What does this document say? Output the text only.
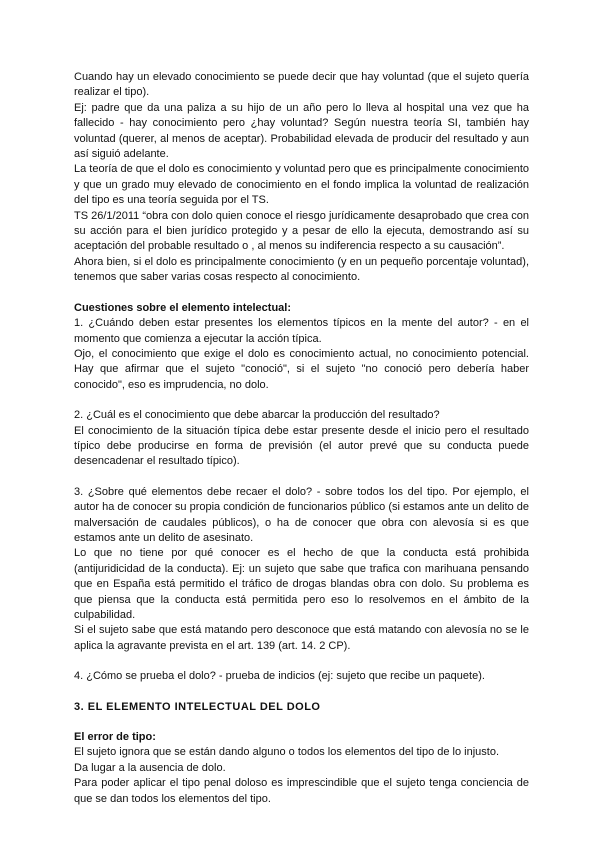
Cuando hay un elevado conocimiento se puede decir que hay voluntad (que el sujeto quería realizar el tipo).

Ej: padre que da una paliza a su hijo de un año pero lo lleva al hospital una vez que ha fallecido - hay conocimiento pero ¿hay voluntad? Según nuestra teoría SI, también hay voluntad (querer, al menos de aceptar). Probabilidad elevada de producir del resultado y aun así siguió adelante.

La teoría de que el dolo es conocimiento y voluntad pero que es principalmente conocimiento y que un grado muy elevado de conocimiento en el fondo implica la voluntad de realización del tipo es una teoría seguida por el TS.

TS 26/1/2011 “obra con dolo quien conoce el riesgo jurídicamente desaprobado que crea con su acción para el bien jurídico protegido y a pesar de ello la ejecuta, demostrando así su aceptación del probable resultado o , al menos su indiferencia respecto a su causación”.

Ahora bien, si el dolo es principalmente conocimiento (y en un pequeño porcentaje voluntad), tenemos que saber varias cosas respecto al conocimiento.

Cuestiones sobre el elemento intelectual:

1. ¿Cuándo deben estar presentes los elementos típicos en la mente del autor? - en el momento que comienza a ejecutar la acción típica.

Ojo, el conocimiento que exige el dolo es conocimiento actual, no conocimiento potencial. Hay que afirmar que el sujeto "conoció", si el sujeto "no conoció pero debería haber conocido", eso es imprudencia, no dolo.

2. ¿Cuál es el conocimiento que debe abarcar la producción del resultado?

El conocimiento de la situación típica debe estar presente desde el inicio pero el resultado típico debe producirse en forma de previsión (el autor prevé que su conducta puede desencadenar el resultado típico).

3. ¿Sobre qué elementos debe recaer el dolo? - sobre todos los del tipo. Por ejemplo, el autor ha de conocer su propia condición de funcionarios público (si estamos ante un delito de malversación de caudales públicos), o ha de conocer que obra con alevosía si es que estamos ante un delito de asesinato.

Lo que no tiene por qué conocer es el hecho de que la conducta está prohibida (antijuridicidad de la conducta). Ej: un sujeto que sabe que trafica con marihuana pensando que en España está permitido el tráfico de drogas blandas obra con dolo. Su problema es que piensa que la conducta está permitida pero eso lo resolvemos en el ámbito de la culpabilidad.

Si el sujeto sabe que está matando pero desconoce que está matando con alevosía no se le aplica la agravante prevista en el art. 139 (art. 14. 2 CP).

4. ¿Cómo se prueba el dolo? - prueba de indicios (ej: sujeto que recibe un paquete).

3. EL ELEMENTO INTELECTUAL DEL DOLO

El error de tipo:

El sujeto ignora que se están dando alguno o todos los elementos del tipo de lo injusto.

Da lugar a la ausencia de dolo.

Para poder aplicar el tipo penal doloso es imprescindible que el sujeto tenga conciencia de que se dan todos los elementos del tipo.
